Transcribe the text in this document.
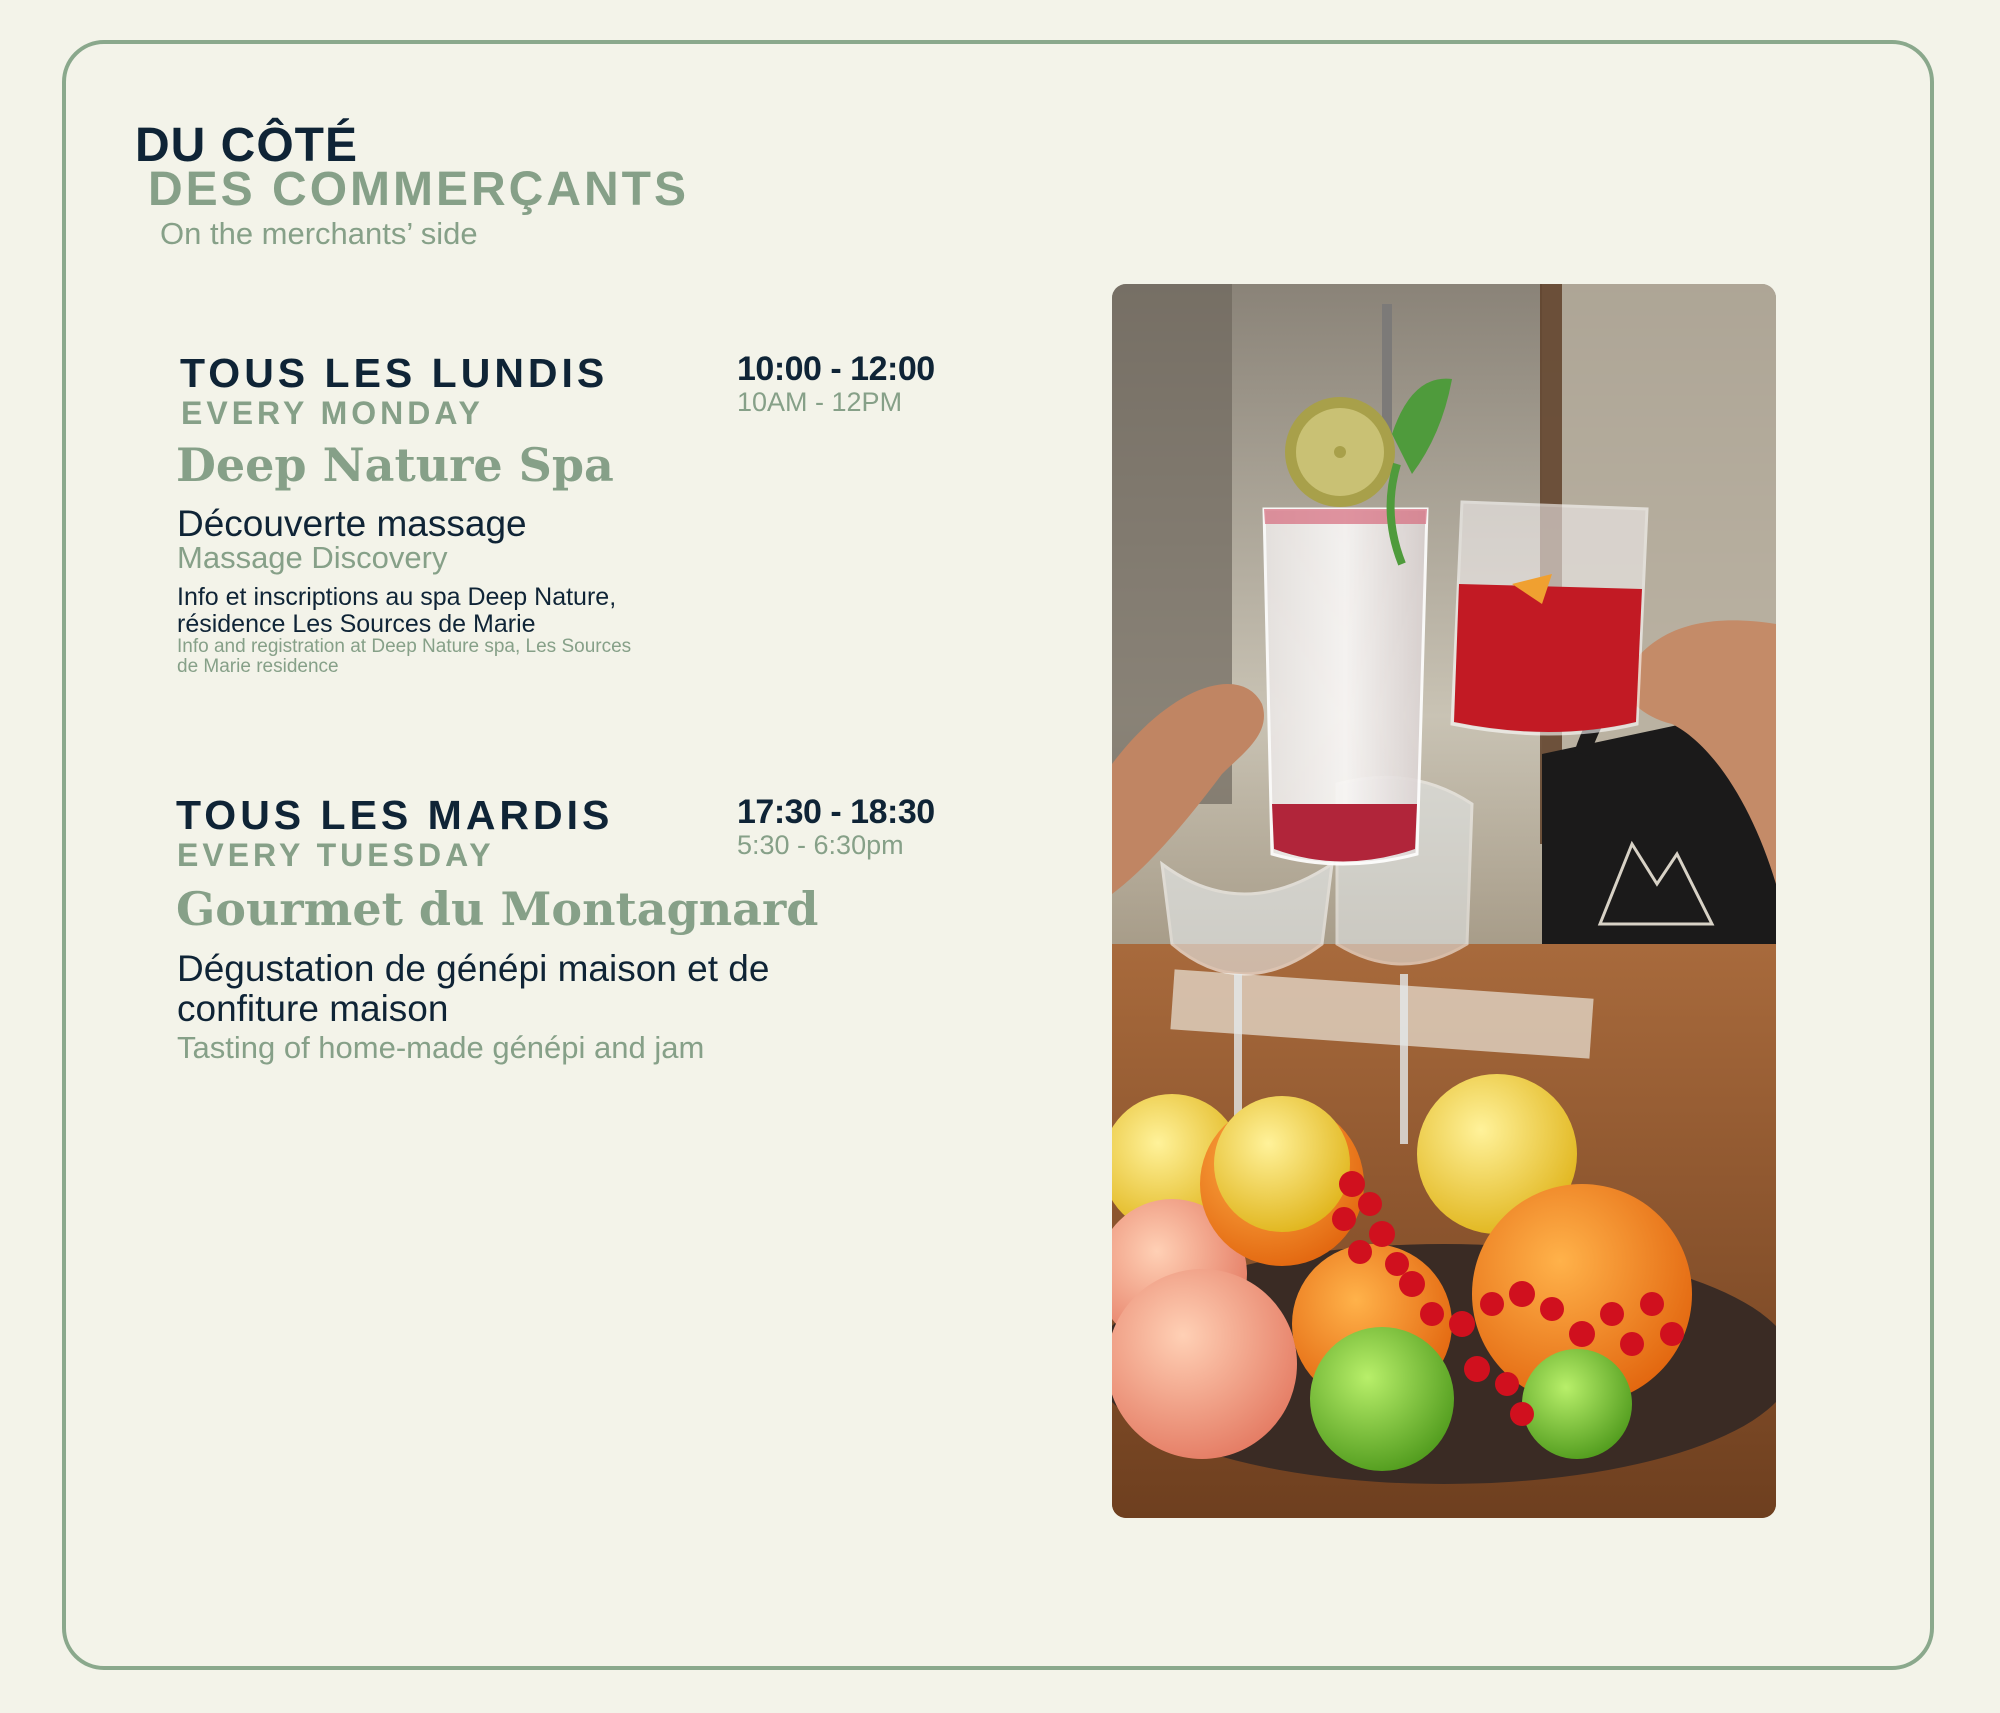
DU CÔTÉ
DES COMMERÇANTS
On the merchants’ side
TOUS LES LUNDIS
EVERY MONDAY
10:00 - 12:00
10AM - 12PM
Deep Nature Spa
Découverte massage
Massage Discovery
Info et inscriptions au spa Deep Nature,
résidence Les Sources de Marie
Info and registration at Deep Nature spa, Les Sources
de Marie residence
TOUS LES MARDIS
EVERY TUESDAY
17:30 - 18:30
5:30 - 6:30pm
Gourmet du Montagnard
Dégustation de génépi maison et de
confiture maison
Tasting of home-made génépi and jam
